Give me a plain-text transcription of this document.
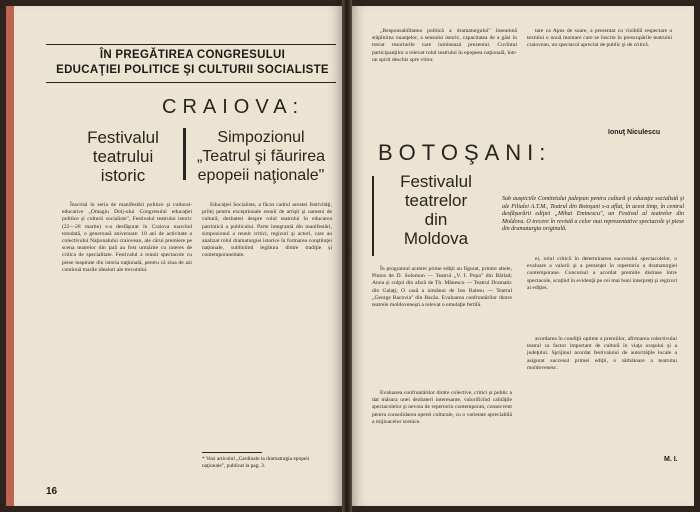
ÎN PREGĂTIREA CONGRESULUI
EDUCAŢIEI POLITICE ŞI CULTURII SOCIALISTE
CRAIOVA:
Festivalul
teatrului
istoric
Simpozionul
„Teatrul şi făurirea
epopeii naţionale"

Înscrisă în seria de manifestări politice şi cultural-educative „Omagiu Dolj-ului Congresului educaţiei politice şi culturii socialiste", Festivalul teatrului istoric (22—28 martie) s-a desfăşurat în Craiova marcînd totodată, o generoasă aniversare: 10 ani de activitate a colectivului Naţionalului craiovean, ale cărui premiere pe scena teatrelor din ţară au fost urmărite cu interes de critica de specialitate. Festivalul a reunit spectacole cu piese inspirate din istoria naţională, pentru că ziua de azi continuă marile idealuri ale trecutului.

Educaţiei Socialiste, a făcut cadrul acestei festivităţi, prilej pentru exceptionale reunii de artişti şi oameni de cultură, dezbateri despre rolul teatrului în educarea patriotică a publicului. Parte integrantă din manifestări, simpozionul a reunit critici, regizori şi actori, care au analizat rolul dramaturgiei istorice în formarea conştiinţei naţionale, subliniind legătura dintre tradiţie şi contemporaneitate.

* Vezi articolul „Cardinale la dramaturgia epopeii naţionale", publicat la pag. 3.
16

„Responsabilitatea politică a dramaturgului" înseamnă stăpînirea nuanţelor, a sensului istoric, capacitatea de a găsi în trecut resorturile care luminează prezentul. Cuvîntul participanţilor a relevat rolul teatrului în epopeea naţională, într-un spirit deschis spre viitor.

tare ca Apus de soare, a prezentat cu vizibilă respectare a textului o nouă montare care se înscrie în preocupările teatrului craiovean, un spectacol apreciat de public şi de critică.

Ionuţ Niculescu
BOTOŞANI:
Festivalul
teatrelor
din
Moldova
Sub auspiciile Comitetului judeţean pentru cultură şi educaţie socialistă şi ale Filialei A.T.M., Teatrul din Botoşani s-a aflat, în acest timp, în centrul desfăşurării ediţiei „Mihai Eminescu", un Festival al teatrelor din Moldova. O trecere în revistă a celor mai reprezentative spectacole şi piese din dramaturgia originală.

În programul acestei prime ediţii au figurat, printre altele, Plutos de D. Solomon — Teatrul „V. I. Popa" din Bârlad; Anna şi colţul din afară de Th. Mănescu — Teatrul Dramatic din Galaţi; O casă a nimănui de Ion Baiesu — Teatrul „George Bacovia" din Bacău. Evaluarea confruntărilor dintre teatrele moldoveneşti a relevat o emulaţie fertilă.

Evaluarea confruntărilor dintre colective, critici şi public a dat măsura unei dezbateri interesante, valorificînd calităţile spectacolelor şi nevoia de repertoriu contemporan, consecvent pentru consolidarea operei culturale, cu o varietate apreciabilă a mijloacelor scenice.

ei, rolul criticii în determinarea succesului spectacolelor, o evaluare a valorii şi a prezenţei în repertoriu a dramaturgiei contemporane. Concursul a acordat premiile distinse între spectacole, scoţînd în evidenţă pe cei mai buni interpreţi şi regizori ai ediţiei.

acordarea în condiţii optime a premiilor, afirmarea colectivului teatral ca factor important de cultură în viaţa oraşului şi a judeţului. Sprijinul acordat festivalului de autorităţile locale a asigurat succesul primei ediţii, o sărbătoare a teatrului moldovenesc.

M. I.
